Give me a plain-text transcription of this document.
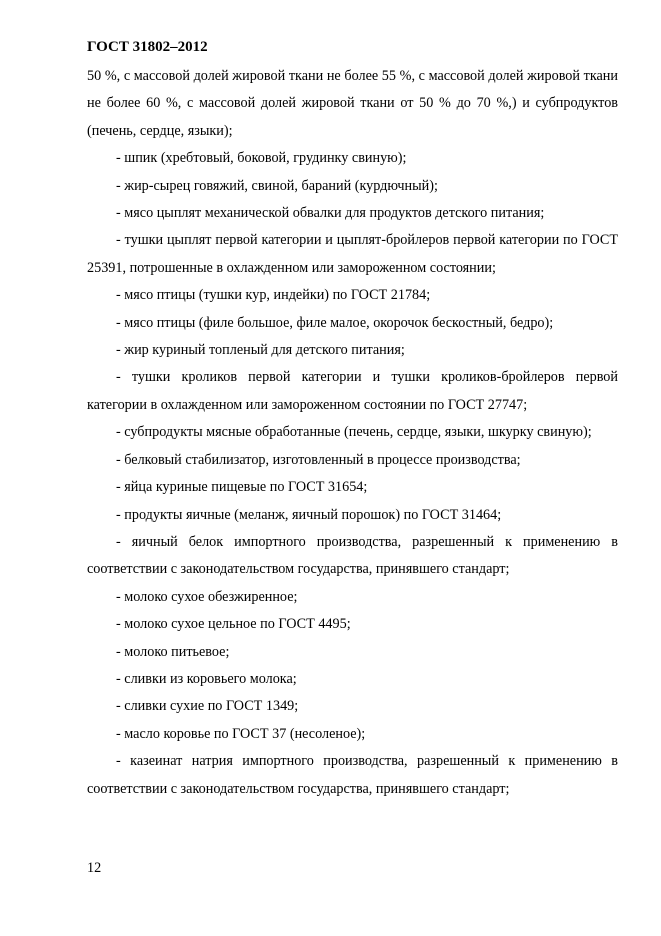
ГОСТ 31802–2012

50 %, с массовой долей жировой ткани не более 55 %, с массовой долей жировой ткани не более 60 %, с массовой долей жировой ткани от 50 % до 70 %,) и субпродуктов (печень, сердце, языки);

- шпик (хребтовый, боковой, грудинку свиную);

- жир-сырец говяжий, свиной, бараний (курдючный);

- мясо цыплят механической обвалки для продуктов детского питания;

- тушки цыплят первой категории и цыплят-бройлеров первой категории по ГОСТ 25391, потрошенные в охлажденном или замороженном состоянии;

- мясо птицы (тушки кур, индейки) по ГОСТ 21784;

- мясо птицы (филе большое, филе малое, окорочок бескостный, бедро);

- жир куриный топленый для детского питания;

- тушки кроликов первой категории и тушки кроликов-бройлеров первой категории в охлажденном или замороженном состоянии по ГОСТ 27747;

- субпродукты мясные обработанные (печень, сердце, языки, шкурку свиную);

- белковый стабилизатор, изготовленный в процессе производства;

- яйца куриные пищевые по ГОСТ 31654;

- продукты яичные (меланж, яичный порошок) по ГОСТ 31464;

- яичный белок импортного производства, разрешенный к применению в соответствии с законодательством государства, принявшего стандарт;

- молоко сухое обезжиренное;

- молоко сухое цельное по ГОСТ 4495;

- молоко питьевое;

- сливки из коровьего молока;

- сливки сухие по ГОСТ 1349;

- масло коровье по ГОСТ 37 (несоленое);

- казеинат натрия импортного производства, разрешенный к применению в соответствии с законодательством государства, принявшего стандарт;

12
